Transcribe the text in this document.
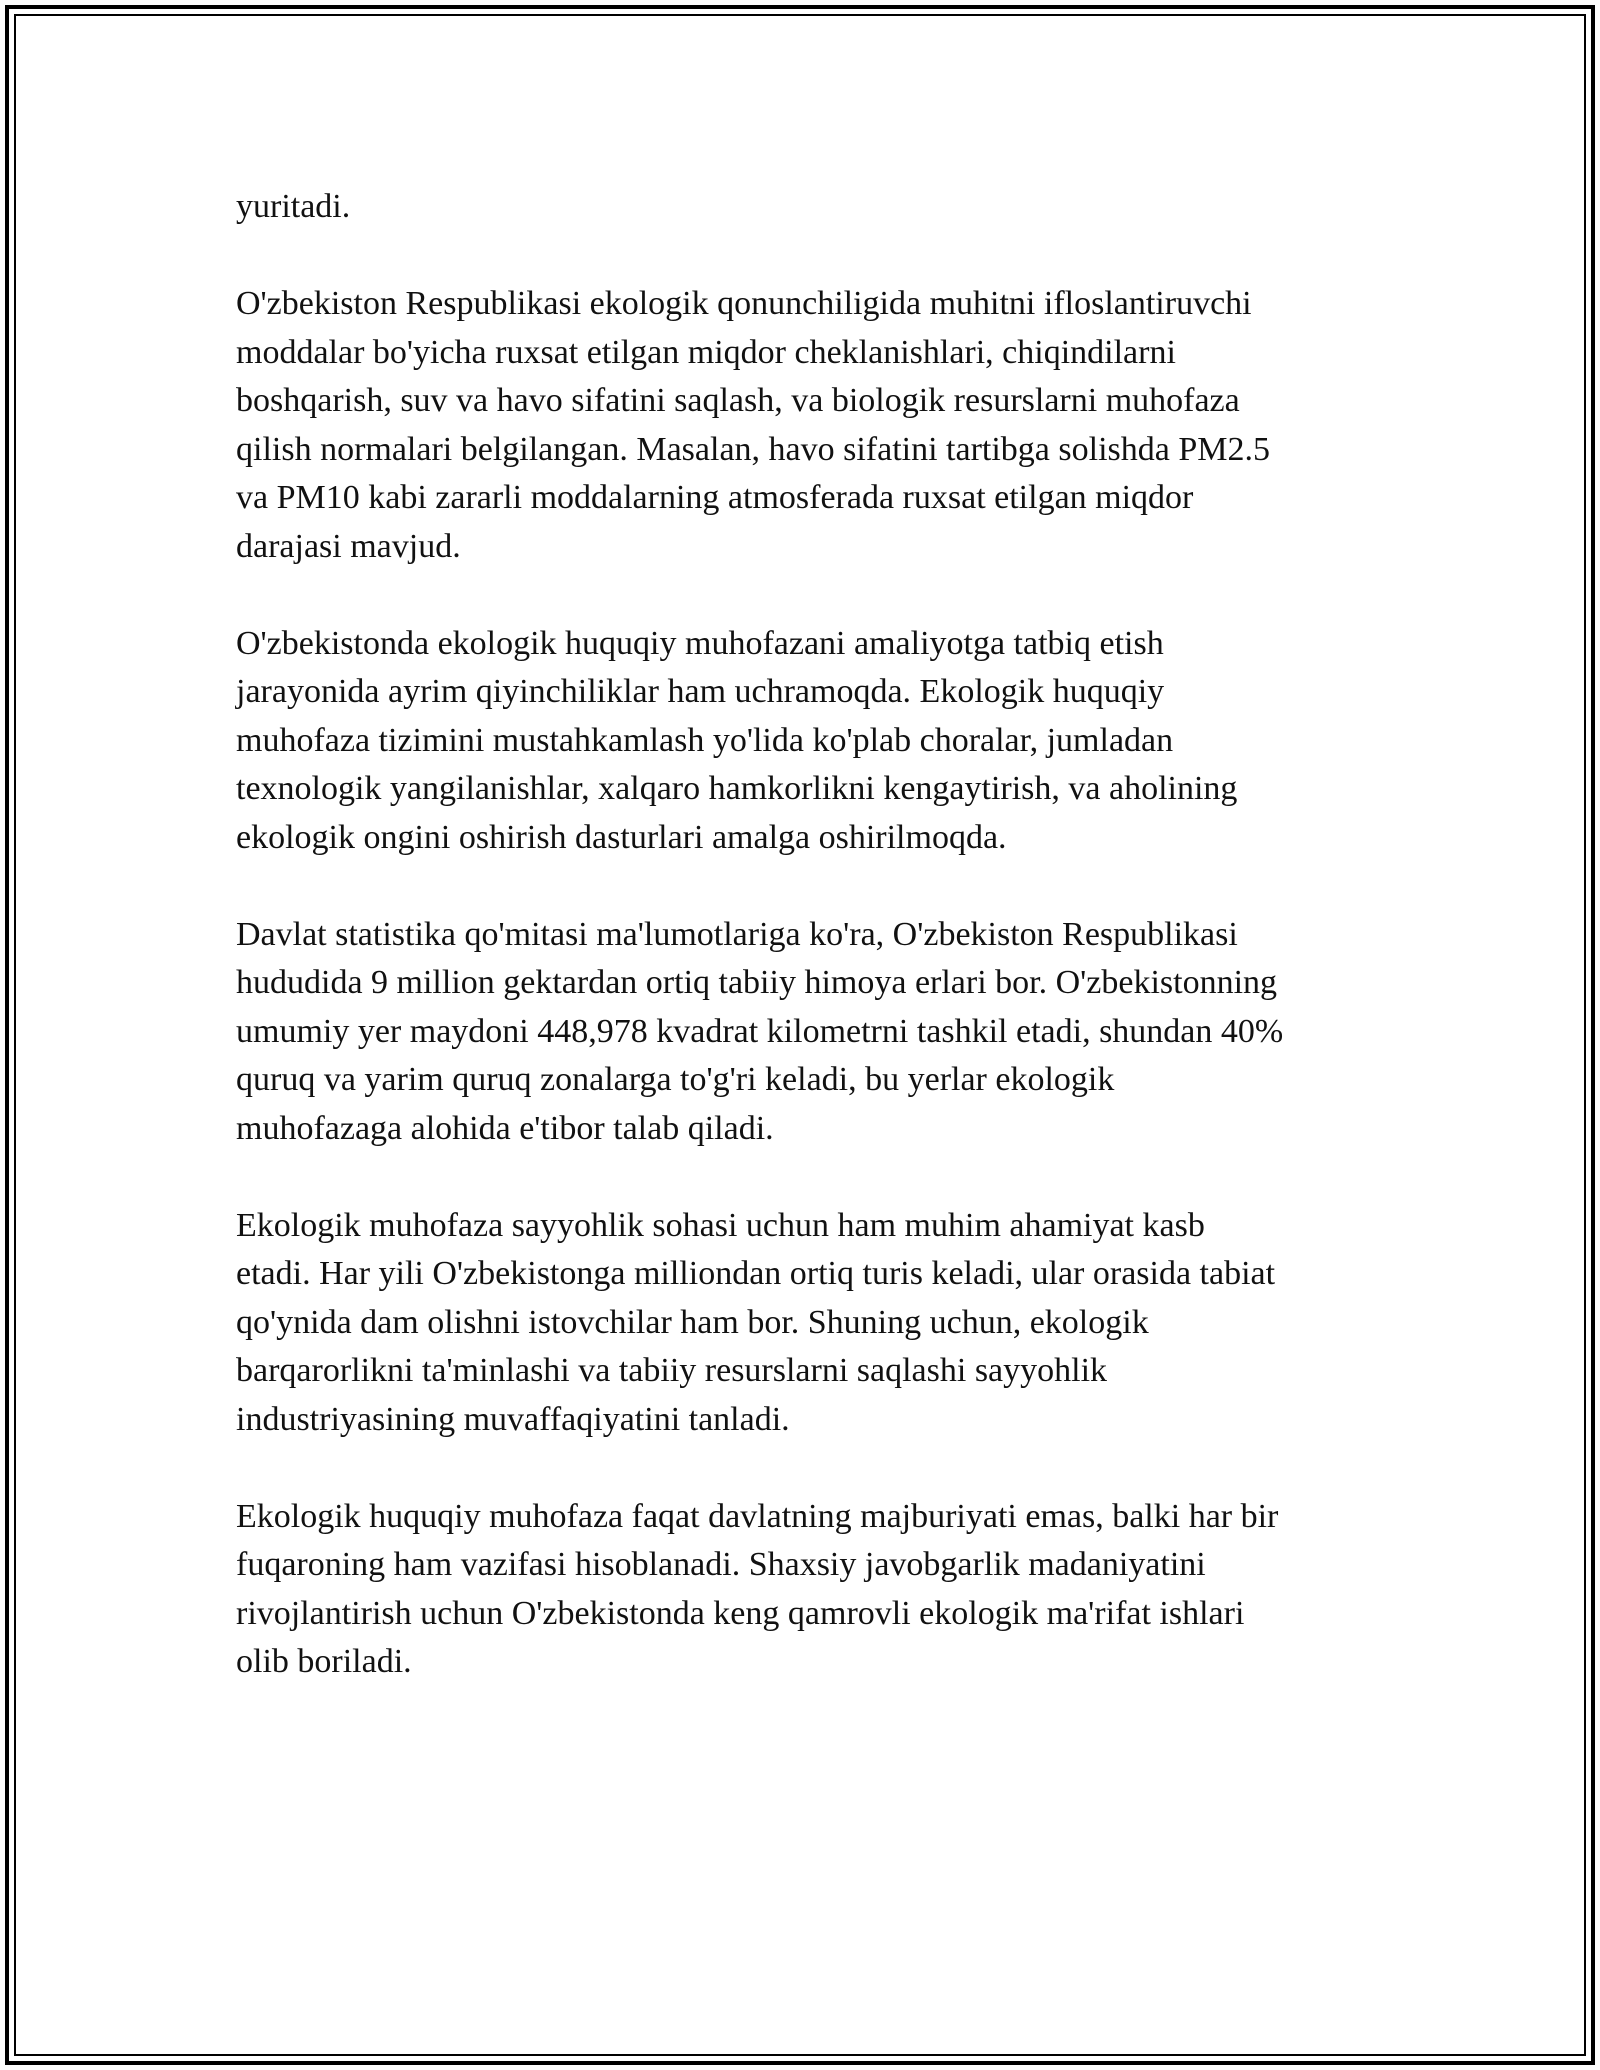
yuritadi.

O'zbekiston Respublikasi ekologik qonunchiligida muhitni ifloslantiruvchi
moddalar bo'yicha ruxsat etilgan miqdor cheklanishlari, chiqindilarni
boshqarish, suv va havo sifatini saqlash, va biologik resurslarni muhofaza
qilish normalari belgilangan. Masalan, havo sifatini tartibga solishda PM2.5
va PM10 kabi zararli moddalarning atmosferada ruxsat etilgan miqdor
darajasi mavjud.

O'zbekistonda ekologik huquqiy muhofazani amaliyotga tatbiq etish
jarayonida ayrim qiyinchiliklar ham uchramoqda. Ekologik huquqiy
muhofaza tizimini mustahkamlash yo'lida ko'plab choralar, jumladan
texnologik yangilanishlar, xalqaro hamkorlikni kengaytirish, va aholining
ekologik ongini oshirish dasturlari amalga oshirilmoqda.

Davlat statistika qo'mitasi ma'lumotlariga ko'ra, O'zbekiston Respublikasi
hududida 9 million gektardan ortiq tabiiy himoya erlari bor. O'zbekistonning
umumiy yer maydoni 448,978 kvadrat kilometrni tashkil etadi, shundan 40%
quruq va yarim quruq zonalarga to'g'ri keladi, bu yerlar ekologik
muhofazaga alohida e'tibor talab qiladi.

Ekologik muhofaza sayyohlik sohasi uchun ham muhim ahamiyat kasb
etadi. Har yili O'zbekistonga milliondan ortiq turis keladi, ular orasida tabiat
qo'ynida dam olishni istovchilar ham bor. Shuning uchun, ekologik
barqarorlikni ta'minlashi va tabiiy resurslarni saqlashi sayyohlik
industriyasining muvaffaqiyatini tanladi.

Ekologik huquqiy muhofaza faqat davlatning majburiyati emas, balki har bir
fuqaroning ham vazifasi hisoblanadi. Shaxsiy javobgarlik madaniyatini
rivojlantirish uchun O'zbekistonda keng qamrovli ekologik ma'rifat ishlari
olib boriladi.
